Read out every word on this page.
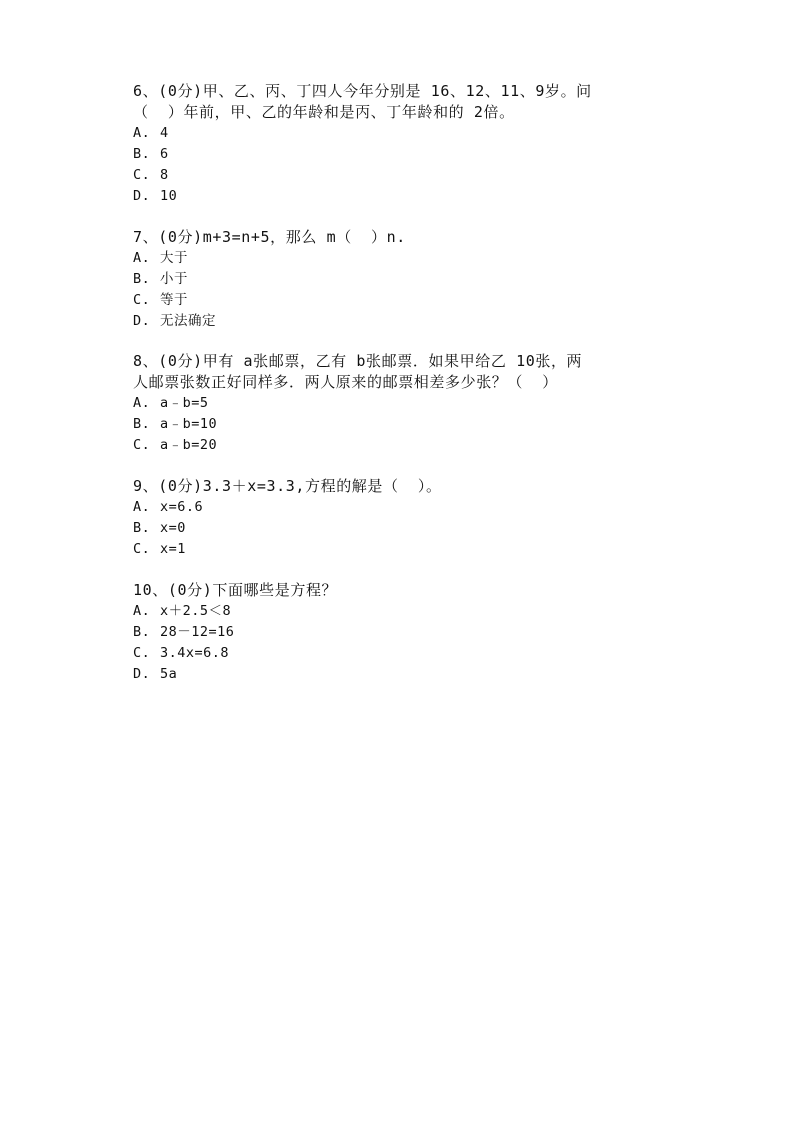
6、(0分)甲、乙、丙、丁四人今年分别是 16、12、11、9岁。问
（  ）年前，甲、乙的年龄和是丙、丁年龄和的 2倍。
A. 4
B. 6
C. 8
D. 10
7、(0分)m+3=n+5，那么 m（  ）n.
A. 大于
B. 小于
C. 等于
D. 无法确定
8、(0分)甲有 a张邮票，乙有 b张邮票．如果甲给乙 10张，两
人邮票张数正好同样多．两人原来的邮票相差多少张？（  ）
A. a﹣b=5
B. a﹣b=10
C. a﹣b=20
9、(0分)3.3＋x=3.3,方程的解是（  ）。
A. x=6.6
B. x=0
C. x=1
10、(0分)下面哪些是方程？
A. x＋2.5＜8
B. 28－12=16
C. 3.4x=6.8
D. 5a
